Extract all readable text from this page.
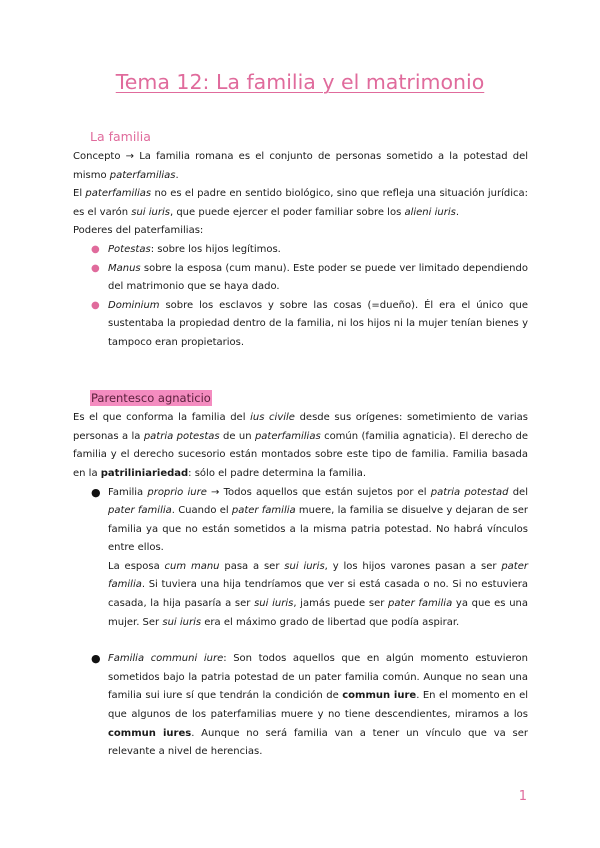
Tema 12: La familia y el matrimonio
La familia

Concepto → La familia romana es el conjunto de personas sometido a la potestad del mismo paterfamilias.

El paterfamilias no es el padre en sentido biológico, sino que refleja una situación jurídica: es el varón sui iuris, que puede ejercer el poder familiar sobre los alieni iuris.

Poderes del paterfamilias:

● Potestas: sobre los hijos legítimos.
● Manus sobre la esposa (cum manu). Este poder se puede ver limitado dependiendo del matrimonio que se haya dado.
● Dominium sobre los esclavos y sobre las cosas (=dueño). Él era el único que sustentaba la propiedad dentro de la familia, ni los hijos ni la mujer tenían bienes y tampoco eran propietarios.
Parentesco agnaticio

Es el que conforma la familia del ius civile desde sus orígenes: sometimiento de varias personas a la patria potestas de un paterfamilias común (familia agnaticia). El derecho de familia y el derecho sucesorio están montados sobre este tipo de familia. Familia basada en la patriliniariedad: sólo el padre determina la familia.

● Familia proprio iure → Todos aquellos que están sujetos por el patria potestad del pater familia. Cuando el pater familia muere, la familia se disuelve y dejaran de ser familia ya que no están sometidos a la misma patria potestad. No habrá vínculos entre ellos.
La esposa cum manu pasa a ser sui iuris, y los hijos varones pasan a ser pater familia. Si tuviera una hija tendríamos que ver si está casada o no. Si no estuviera casada, la hija pasaría a ser sui iuris, jamás puede ser pater familia ya que es una mujer. Ser sui iuris era el máximo grado de libertad que podía aspirar.
● Familia communi iure: Son todos aquellos que en algún momento estuvieron sometidos bajo la patria potestad de un pater familia común. Aunque no sean una familia sui iure sí que tendrán la condición de commun iure. En el momento en el que algunos de los paterfamilias muere y no tiene descendientes, miramos a los commun iures. Aunque no será familia van a tener un vínculo que va ser relevante a nivel de herencias.
1
